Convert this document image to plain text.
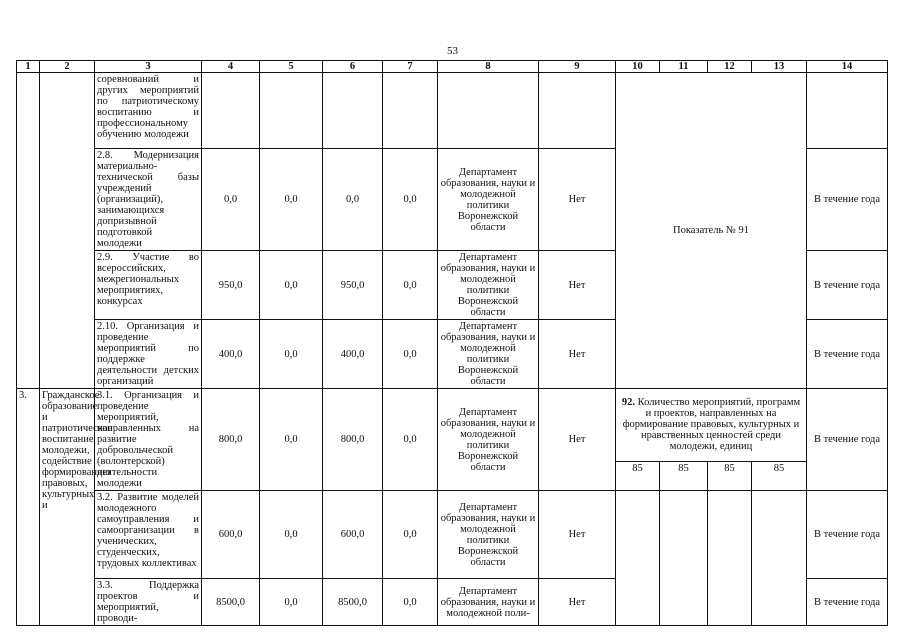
53
1	2	3	4	5	6	7	8	9	10	11	12	13	14
		соревнований и других мероприятий по патриотическому воспитанию и профессиональному обучению молодежи							Показатель № 91				
		2.8. Модернизация материально-технической базы учреждений (организаций), занимающихся допризывной подготовкой молодежи	0,0	0,0	0,0	0,0	Департамент образования, науки и молодежной политики Воронежской области	Нет					В течение года
		2.9. Участие во всероссийских, межрегиональных мероприятиях, конкурсах	950,0	0,0	950,0	0,0	Департамент образования, науки и молодежной политики Воронежской области	Нет					В течение года
		2.10. Организация и проведение мероприятий по поддержке деятельности детских организаций	400,0	0,0	400,0	0,0	Департамент образования, науки и молодежной политики Воронежской области	Нет					В течение года
3.	Гражданское образование и патриотическое воспитание молодежи, содействие формированию правовых, культурных и	3.1. Организация и проведение мероприятий, направленных на развитие добровольческой (волонтерской) деятельности молодежи	800,0	0,0	800,0	0,0	Департамент образования, науки и молодежной политики Воронежской области	Нет	92. Количество мероприятий, программ и проектов, направленных на формирование правовых, культурных и нравственных ценностей среди молодежи, единиц				В течение года
									85	85	85	85	
		3.2. Развитие моделей молодежного самоуправления и самоорганизации в ученических, студенческих, трудовых коллективах	600,0	0,0	600,0	0,0	Департамент образования, науки и молодежной политики Воронежской области	Нет					В течение года
		3.3. Поддержка проектов и мероприятий, проводи-	8500,0	0,0	8500,0	0,0	Департамент образования, науки и молодежной поли-	Нет					В течение года
